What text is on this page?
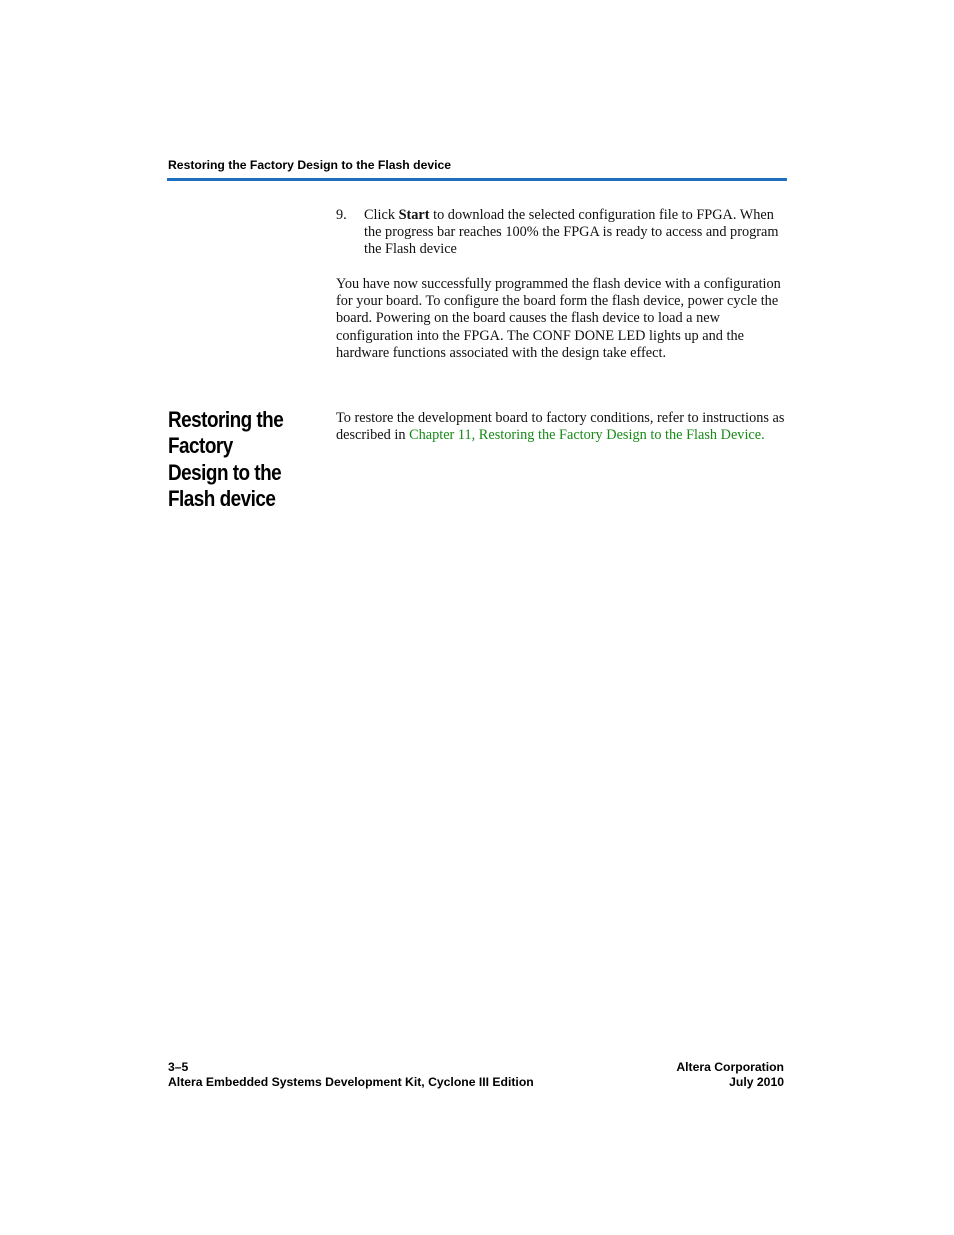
Restoring the Factory Design to the Flash device
9. Click Start to download the selected configuration file to FPGA. When the progress bar reaches 100% the FPGA is ready to access and program the Flash device

You have now successfully programmed the flash device with a configuration for your board. To configure the board form the flash device, power cycle the board. Powering on the board causes the flash device to load a new configuration into the FPGA. The CONF DONE LED lights up and the hardware functions associated with the design take effect.

Restoring the Factory Design to the Flash device

To restore the development board to factory conditions, refer to instructions as described in Chapter 11, Restoring the Factory Design to the Flash Device.

3–5
Altera Embedded Systems Development Kit, Cyclone III Edition
Altera Corporation
July 2010
